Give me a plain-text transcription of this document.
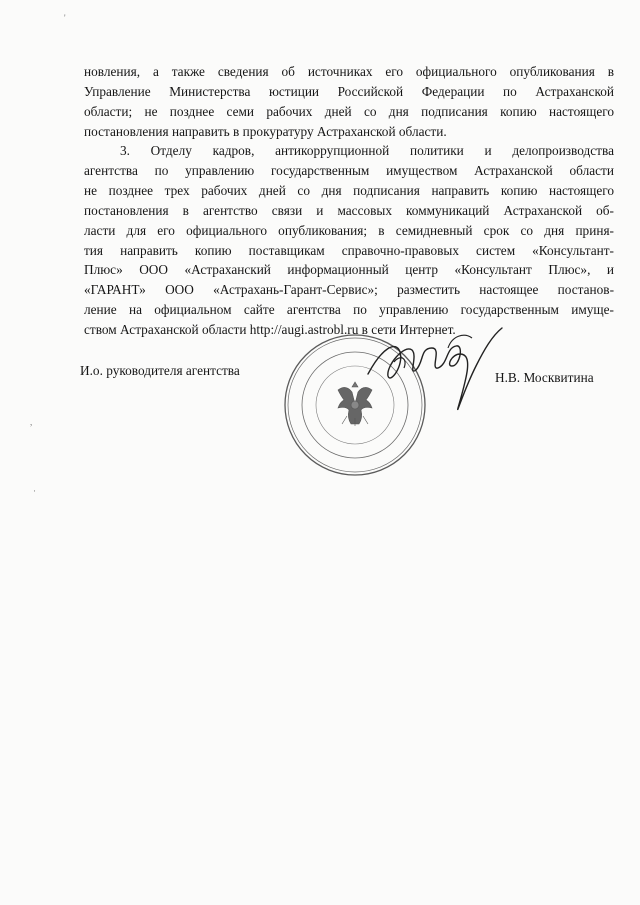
'
,
·

новления, а также сведения об источниках его официального опубликования в
Управление Министерства юстиции Российской Федерации по Астраханской
области; не позднее семи рабочих дней со дня подписания копию настоящего
постановления направить в прокуратуру Астраханской области.

3. Отделу кадров, антикоррупционной политики и делопроизводства
агентства по управлению государственным имуществом Астраханской области
не позднее трех рабочих дней со дня подписания направить копию настоящего
постановления в агентство связи и массовых коммуникаций Астраханской об-
ласти для его официального опубликования; в семидневный срок со дня приня-
тия направить копию поставщикам справочно-правовых систем «Консультант-
Плюс» ООО «Астраханский информационный центр «Консультант Плюс», и
«ГАРАНТ» ООО «Астрахань-Гарант-Сервис»; разместить настоящее постанов-
ление на официальном сайте агентства по управлению государственным имуще-
ством Астраханской области http://augi.astrobl.ru в сети Интернет.

И.о. руководителя агентства	Н.В. Москвитина
